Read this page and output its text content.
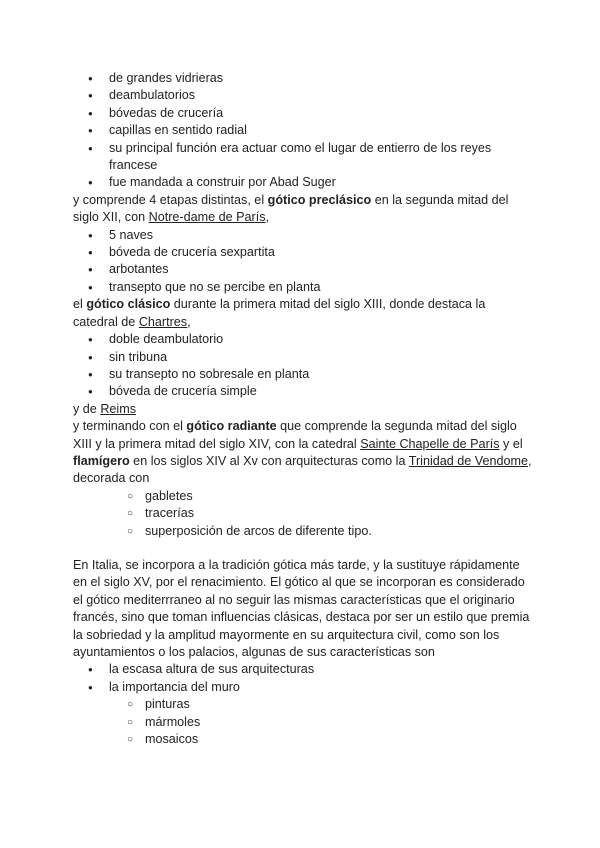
● de grandes vidrieras
● deambulatorios
● bóvedas de crucería
● capillas en sentido radial
● su principal función era actuar como el lugar de entierro de los reyes francese
● fue mandada a construir por Abad Suger

y comprende 4 etapas distintas, el gótico preclásico en la segunda mitad del siglo XII, con Notre-dame de París,

● 5 naves
● bóveda de crucería sexpartita
● arbotantes
● transepto que no se percibe en planta

el gótico clásico durante la primera mitad del siglo XIII, donde destaca la catedral de Chartres,

● doble deambulatorio
● sin tribuna
● su transepto no sobresale en planta
● bóveda de crucería simple

y de Reims

y terminando con el gótico radiante que comprende la segunda mitad del siglo XIII y la primera mitad del siglo XIV, con la catedral Sainte Chapelle de París y el flamígero en los siglos XIV al Xv con arquitecturas como la Trinidad de Vendome, decorada con

○ gabletes
○ tracerías
○ superposición de arcos de diferente tipo.

En Italia, se incorpora a la tradición gótica más tarde, y la sustituye rápidamente en el siglo XV, por el renacimiento. El gótico al que se incorporan es considerado el gótico mediterrraneo al no seguir las mismas características que el originario francés, sino que toman influencias clásicas, destaca por ser un estilo que premia la sobriedad y la amplitud mayormente en su arquitectura civil, como son los ayuntamientos o los palacios, algunas de sus características son

● la escasa altura de sus arquitecturas
● la importancia del muro
○ pinturas
○ mármoles
○ mosaicos
